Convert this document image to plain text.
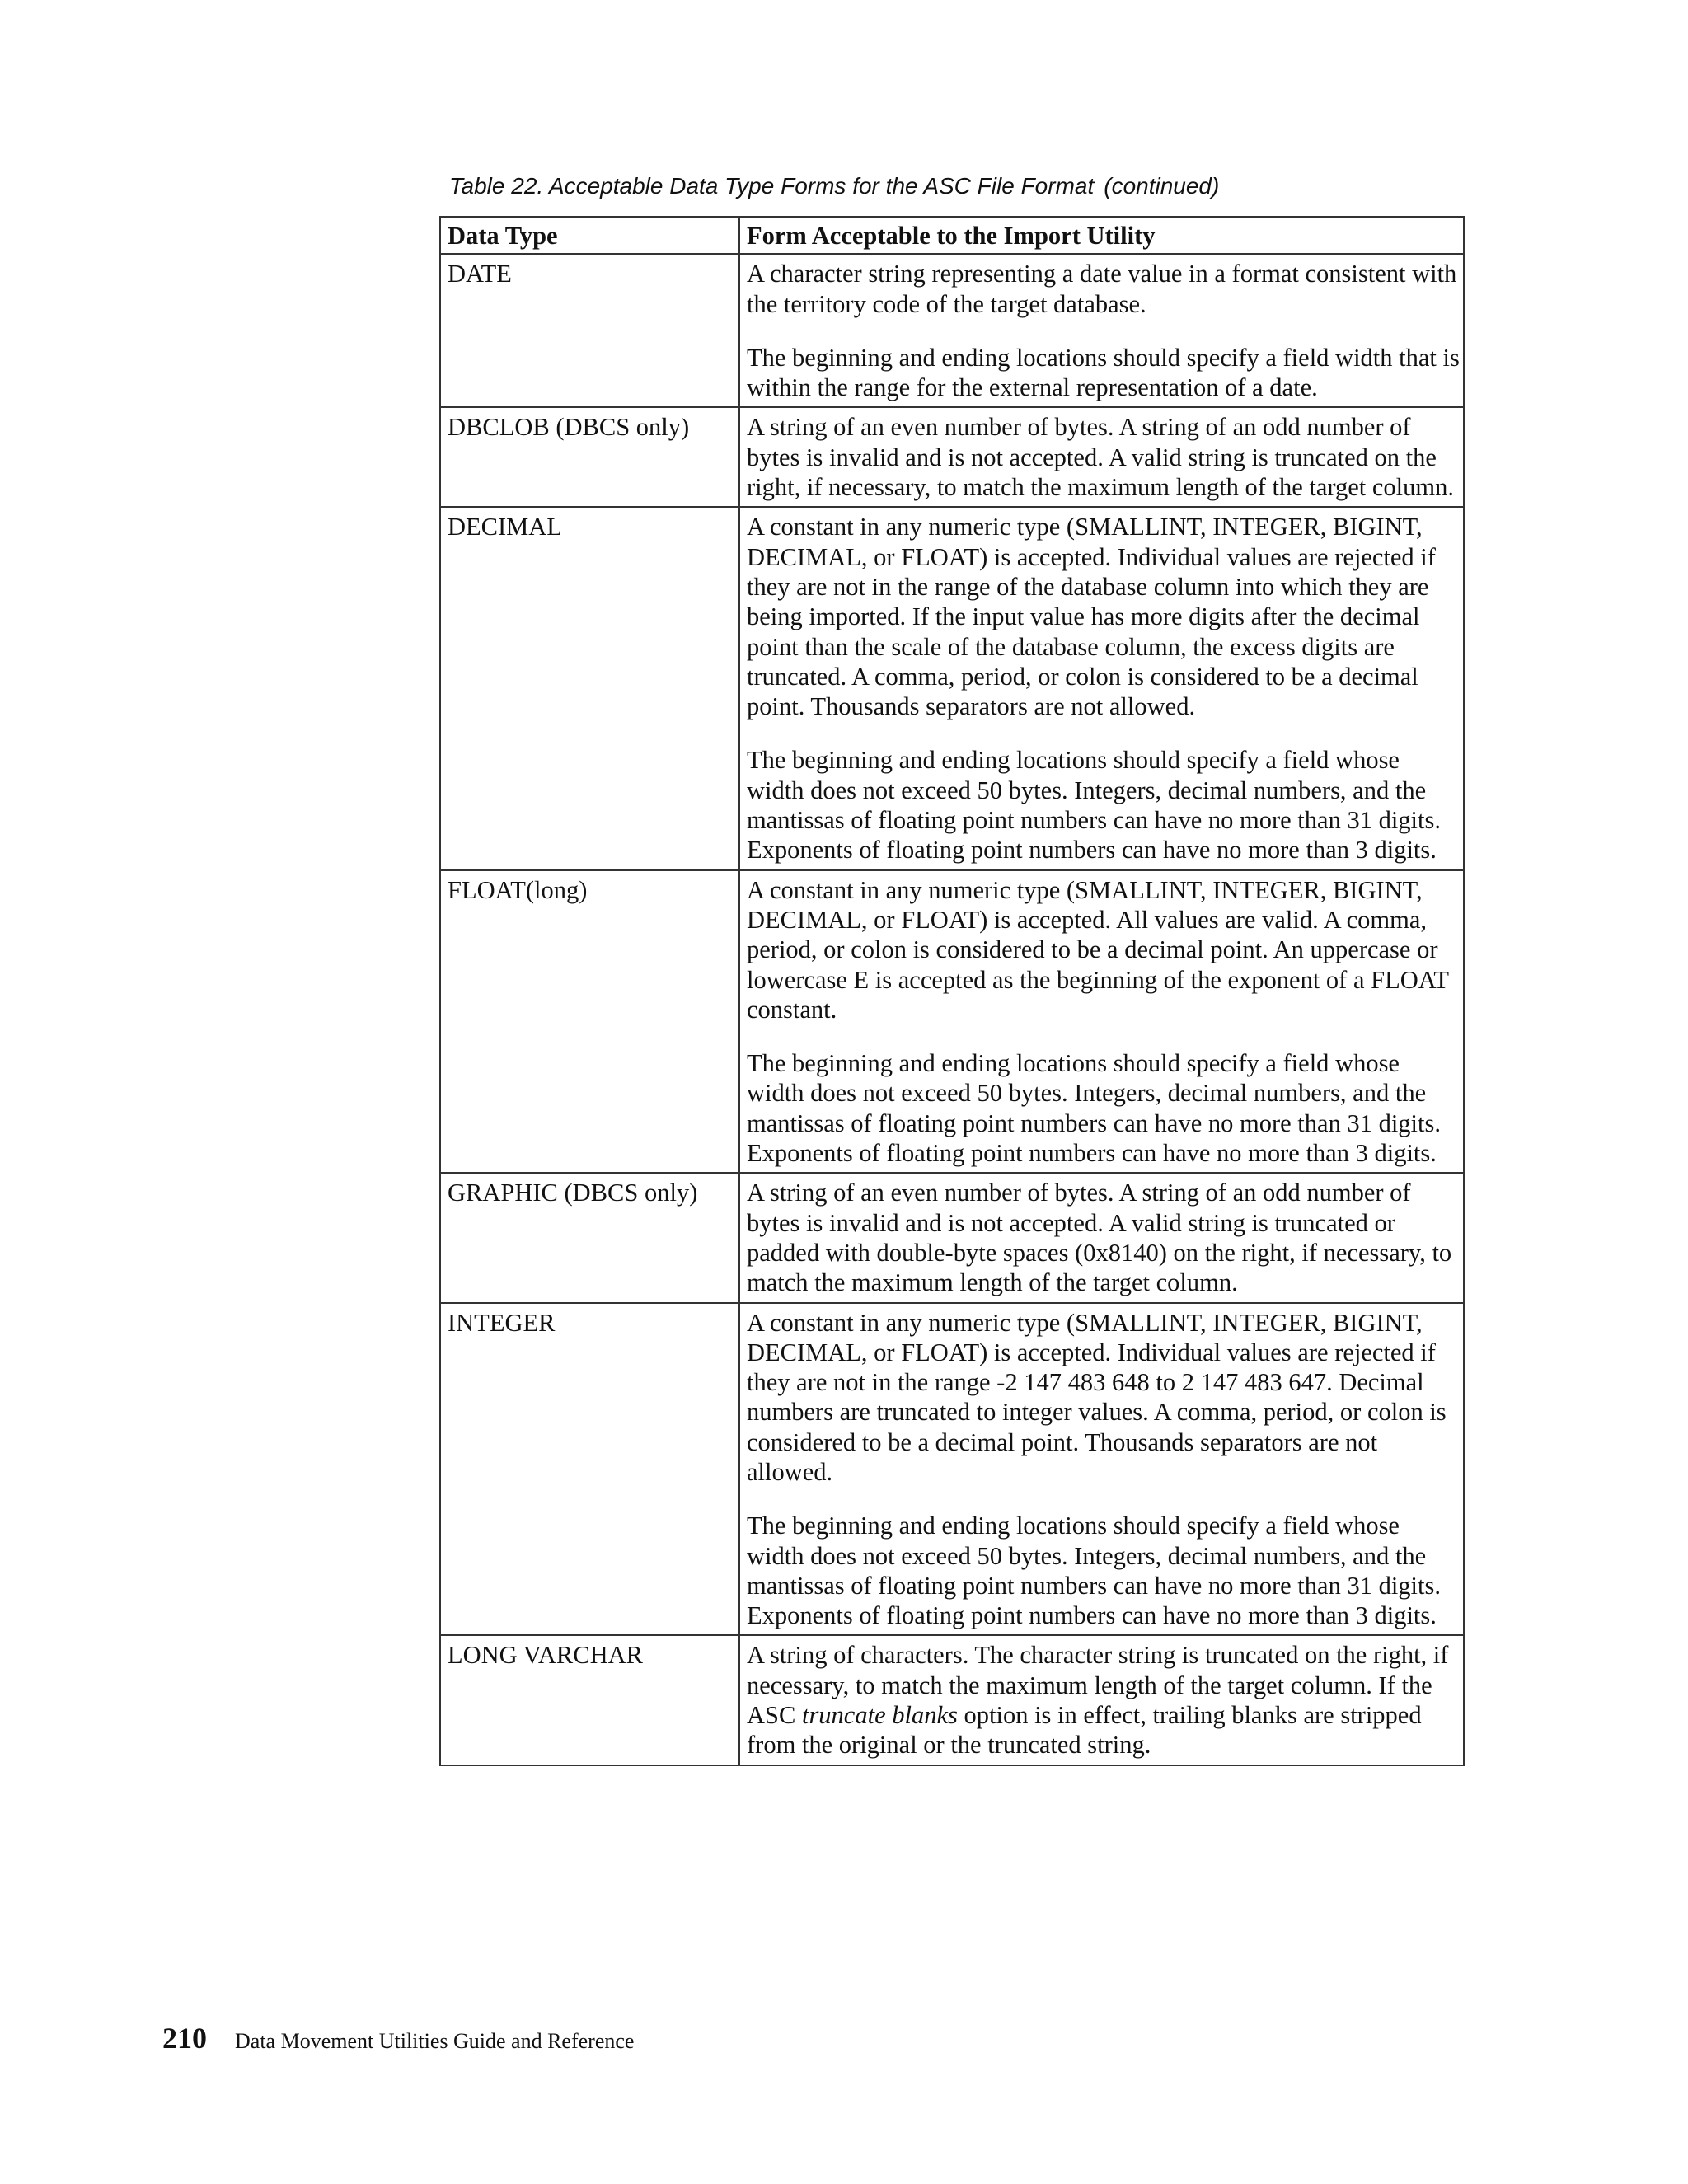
Table 22. Acceptable Data Type Forms for the ASC File Format (continued)
Data Type	Form Acceptable to the Import Utility
DATE	A character string representing a date value in a format consistent with the territory code of the target database.

The beginning and ending locations should specify a field width that is within the range for the external representation of a date.

DBCLOB (DBCS only)	A string of an even number of bytes. A string of an odd number of bytes is invalid and is not accepted. A valid string is truncated on the right, if necessary, to match the maximum length of the target column.

DECIMAL	A constant in any numeric type (SMALLINT, INTEGER, BIGINT, DECIMAL, or FLOAT) is accepted. Individual values are rejected if they are not in the range of the database column into which they are being imported. If the input value has more digits after the decimal point than the scale of the database column, the excess digits are truncated. A comma, period, or colon is considered to be a decimal point. Thousands separators are not allowed.

The beginning and ending locations should specify a field whose width does not exceed 50 bytes. Integers, decimal numbers, and the mantissas of floating point numbers can have no more than 31 digits. Exponents of floating point numbers can have no more than 3 digits.

FLOAT(long)	A constant in any numeric type (SMALLINT, INTEGER, BIGINT, DECIMAL, or FLOAT) is accepted. All values are valid. A comma, period, or colon is considered to be a decimal point. An uppercase or lowercase E is accepted as the beginning of the exponent of a FLOAT constant.

The beginning and ending locations should specify a field whose width does not exceed 50 bytes. Integers, decimal numbers, and the mantissas of floating point numbers can have no more than 31 digits. Exponents of floating point numbers can have no more than 3 digits.

GRAPHIC (DBCS only)	A string of an even number of bytes. A string of an odd number of bytes is invalid and is not accepted. A valid string is truncated or padded with double-byte spaces (0x8140) on the right, if necessary, to match the maximum length of the target column.

INTEGER	A constant in any numeric type (SMALLINT, INTEGER, BIGINT, DECIMAL, or FLOAT) is accepted. Individual values are rejected if they are not in the range -2 147 483 648 to 2 147 483 647. Decimal numbers are truncated to integer values. A comma, period, or colon is considered to be a decimal point. Thousands separators are not allowed.

The beginning and ending locations should specify a field whose width does not exceed 50 bytes. Integers, decimal numbers, and the mantissas of floating point numbers can have no more than 31 digits. Exponents of floating point numbers can have no more than 3 digits.

LONG VARCHAR	A string of characters. The character string is truncated on the right, if necessary, to match the maximum length of the target column. If the ASC truncate blanks option is in effect, trailing blanks are stripped from the original or the truncated string.

210 Data Movement Utilities Guide and Reference
